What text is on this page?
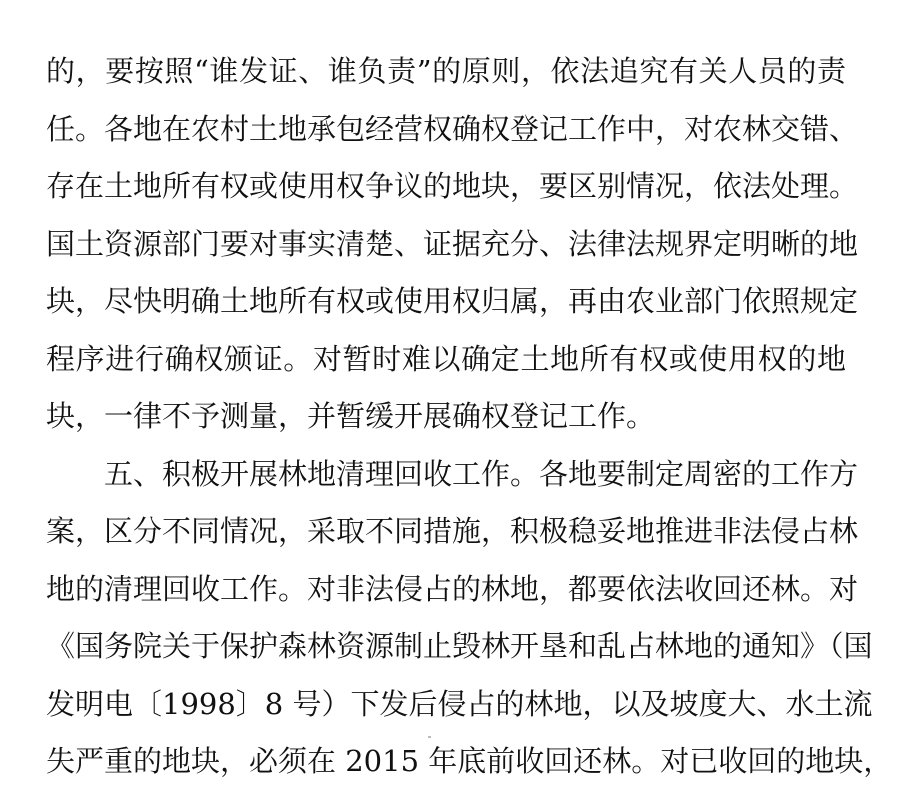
的，要按照“谁发证、谁负责”的原则，依法追究有关人员的责
任。各地在农村土地承包经营权确权登记工作中，对农林交错、
存在土地所有权或使用权争议的地块，要区别情况，依法处理。
国土资源部门要对事实清楚、证据充分、法律法规界定明晰的地
块，尽快明确土地所有权或使用权归属，再由农业部门依照规定
程序进行确权颁证。对暂时难以确定土地所有权或使用权的地
块，一律不予测量，并暂缓开展确权登记工作。
五、积极开展林地清理回收工作。各地要制定周密的工作方
案，区分不同情况，采取不同措施，积极稳妥地推进非法侵占林
地的清理回收工作。对非法侵占的林地，都要依法收回还林。对
《国务院关于保护森林资源制止毁林开垦和乱占林地的通知》（国
发明电〔1998〕8 号）下发后侵占的林地，以及坡度大、水土流
失严重的地块，必须在 2015 年底前收回还林。对已收回的地块，
